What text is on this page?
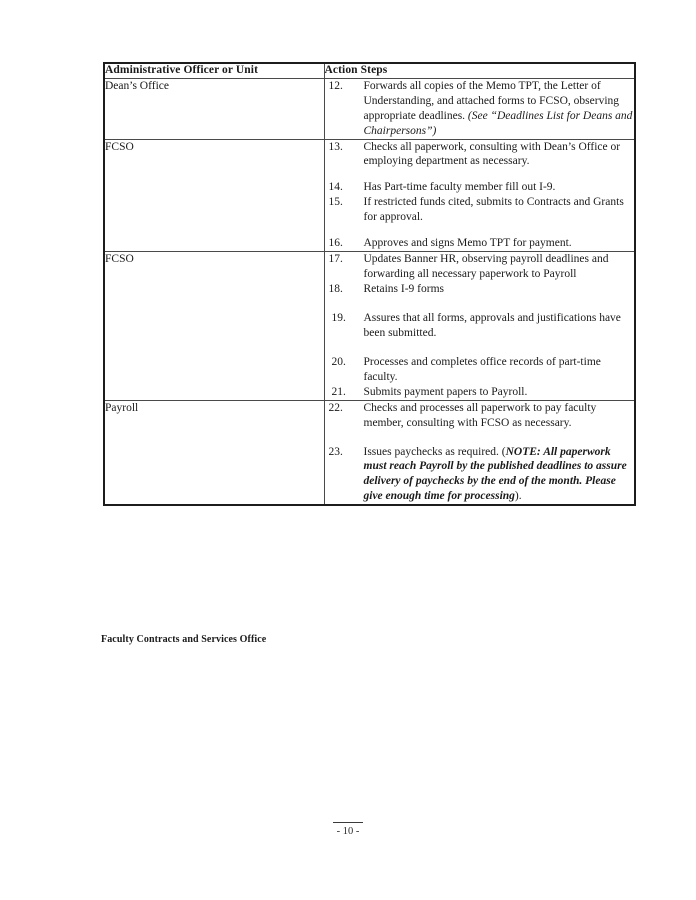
Administrative Officer or Unit	Action Steps
Dean’s Office	12.	Forwards all copies of the Memo TPT, the Letter of Understanding, and attached forms to FCSO, observing appropriate deadlines. (See “Deadlines List for Deans and Chairpersons”)

FCSO	13.	Checks all paperwork, consulting with Dean’s Office or employing department as necessary.
14.	Has Part-time faculty member fill out I-9.
15.	If restricted funds cited, submits to Contracts and Grants for approval.
16.	Approves and signs Memo TPT for payment.

FCSO	17.	Updates Banner HR, observing payroll deadlines and forwarding all necessary paperwork to Payroll
18.	Retains I-9 forms
19.	Assures that all forms, approvals and justifications have been submitted.
20.	Processes and completes office records of part-time faculty.
21.	Submits payment papers to Payroll.

Payroll	22.	Checks and processes all paperwork to pay faculty member, consulting with FCSO as necessary.
23.	Issues paychecks as required. (NOTE: All paperwork must reach Payroll by the published deadlines to assure delivery of paychecks by the end of the month. Please give enough time for processing).
Faculty Contracts and Services Office
- 10 -
